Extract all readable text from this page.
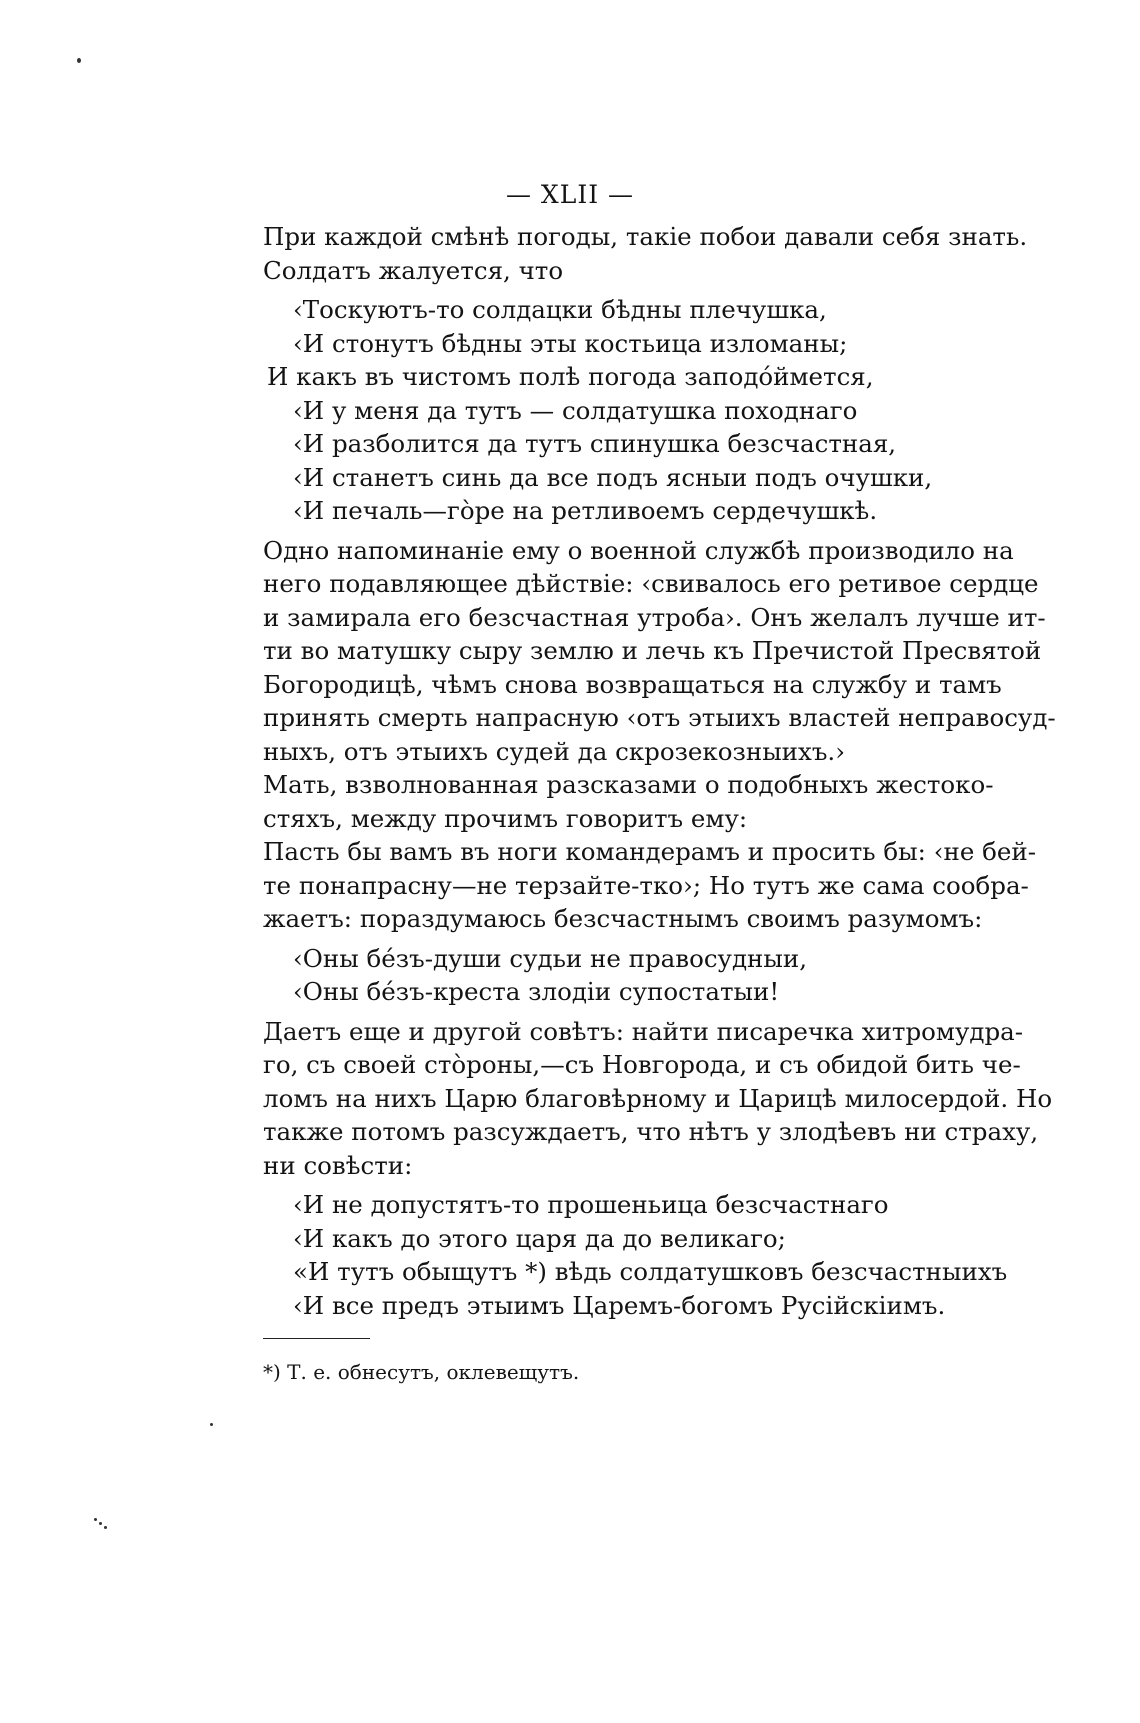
— XLII —
При каждой смѣнѣ погоды, такіе побои давали себя знать.
Солдатъ жалуется, что
‹Тоскуютъ-то солдацки бѣдны плечушка,
‹И стонутъ бѣдны эты костьица изломаны;
И какъ въ чистомъ полѣ погода заподóймется,
‹И у меня да тутъ — солдатушка походнаго
‹И разболится да тутъ спинушка безсчастная,
‹И станетъ синь да все подъ ясныи подъ очушки,
‹И печаль—гòре на ретливоемъ сердечушкѣ.
Одно напоминаніе ему о военной службѣ производило на
него подавляющее дѣйствіе: ‹свивалось его ретивое сердце
и замирала его безсчастная утроба›. Онъ желалъ лучше ит-
ти во матушку сыру землю и лечь къ Пречистой Пресвятой
Богородицѣ, чѣмъ снова возвращаться на службу и тамъ
принять смерть напрасную ‹отъ этыихъ властей неправосуд-
ныхъ, отъ этыихъ судей да скрозекозныихъ.›
Мать, взволнованная разсказами о подобныхъ жестоко-
стяхъ, между прочимъ говоритъ ему:
Пасть бы вамъ въ ноги командерамъ и просить бы: ‹не бей-
те понапрасну—не терзайте-тко›; Но тутъ же сама сообра-
жаетъ: пораздумаюсь безсчастнымъ своимъ разумомъ:
‹Оны бéзъ-души судьи не правосудныи,
‹Оны бéзъ-креста злодіи супостатыи!
Даетъ еще и другой совѣтъ: найти писаречка хитромудра-
го, съ своей стòроны,—съ Новгорода, и съ обидой бить че-
ломъ на нихъ Царю благовѣрному и Царицѣ милосердой. Но
также потомъ разсуждаетъ, что нѣтъ у злодѣевъ ни страху,
ни совѣсти:
‹И не допустятъ-то прошеньица безсчастнаго
‹И какъ до этого царя да до великаго;
«И тутъ обыщутъ *) вѣдь солдатушковъ безсчастныихъ
‹И все предъ этыимъ Царемъ-богомъ Русійскіимъ.
*) Т. е. обнесутъ, оклевещутъ.
